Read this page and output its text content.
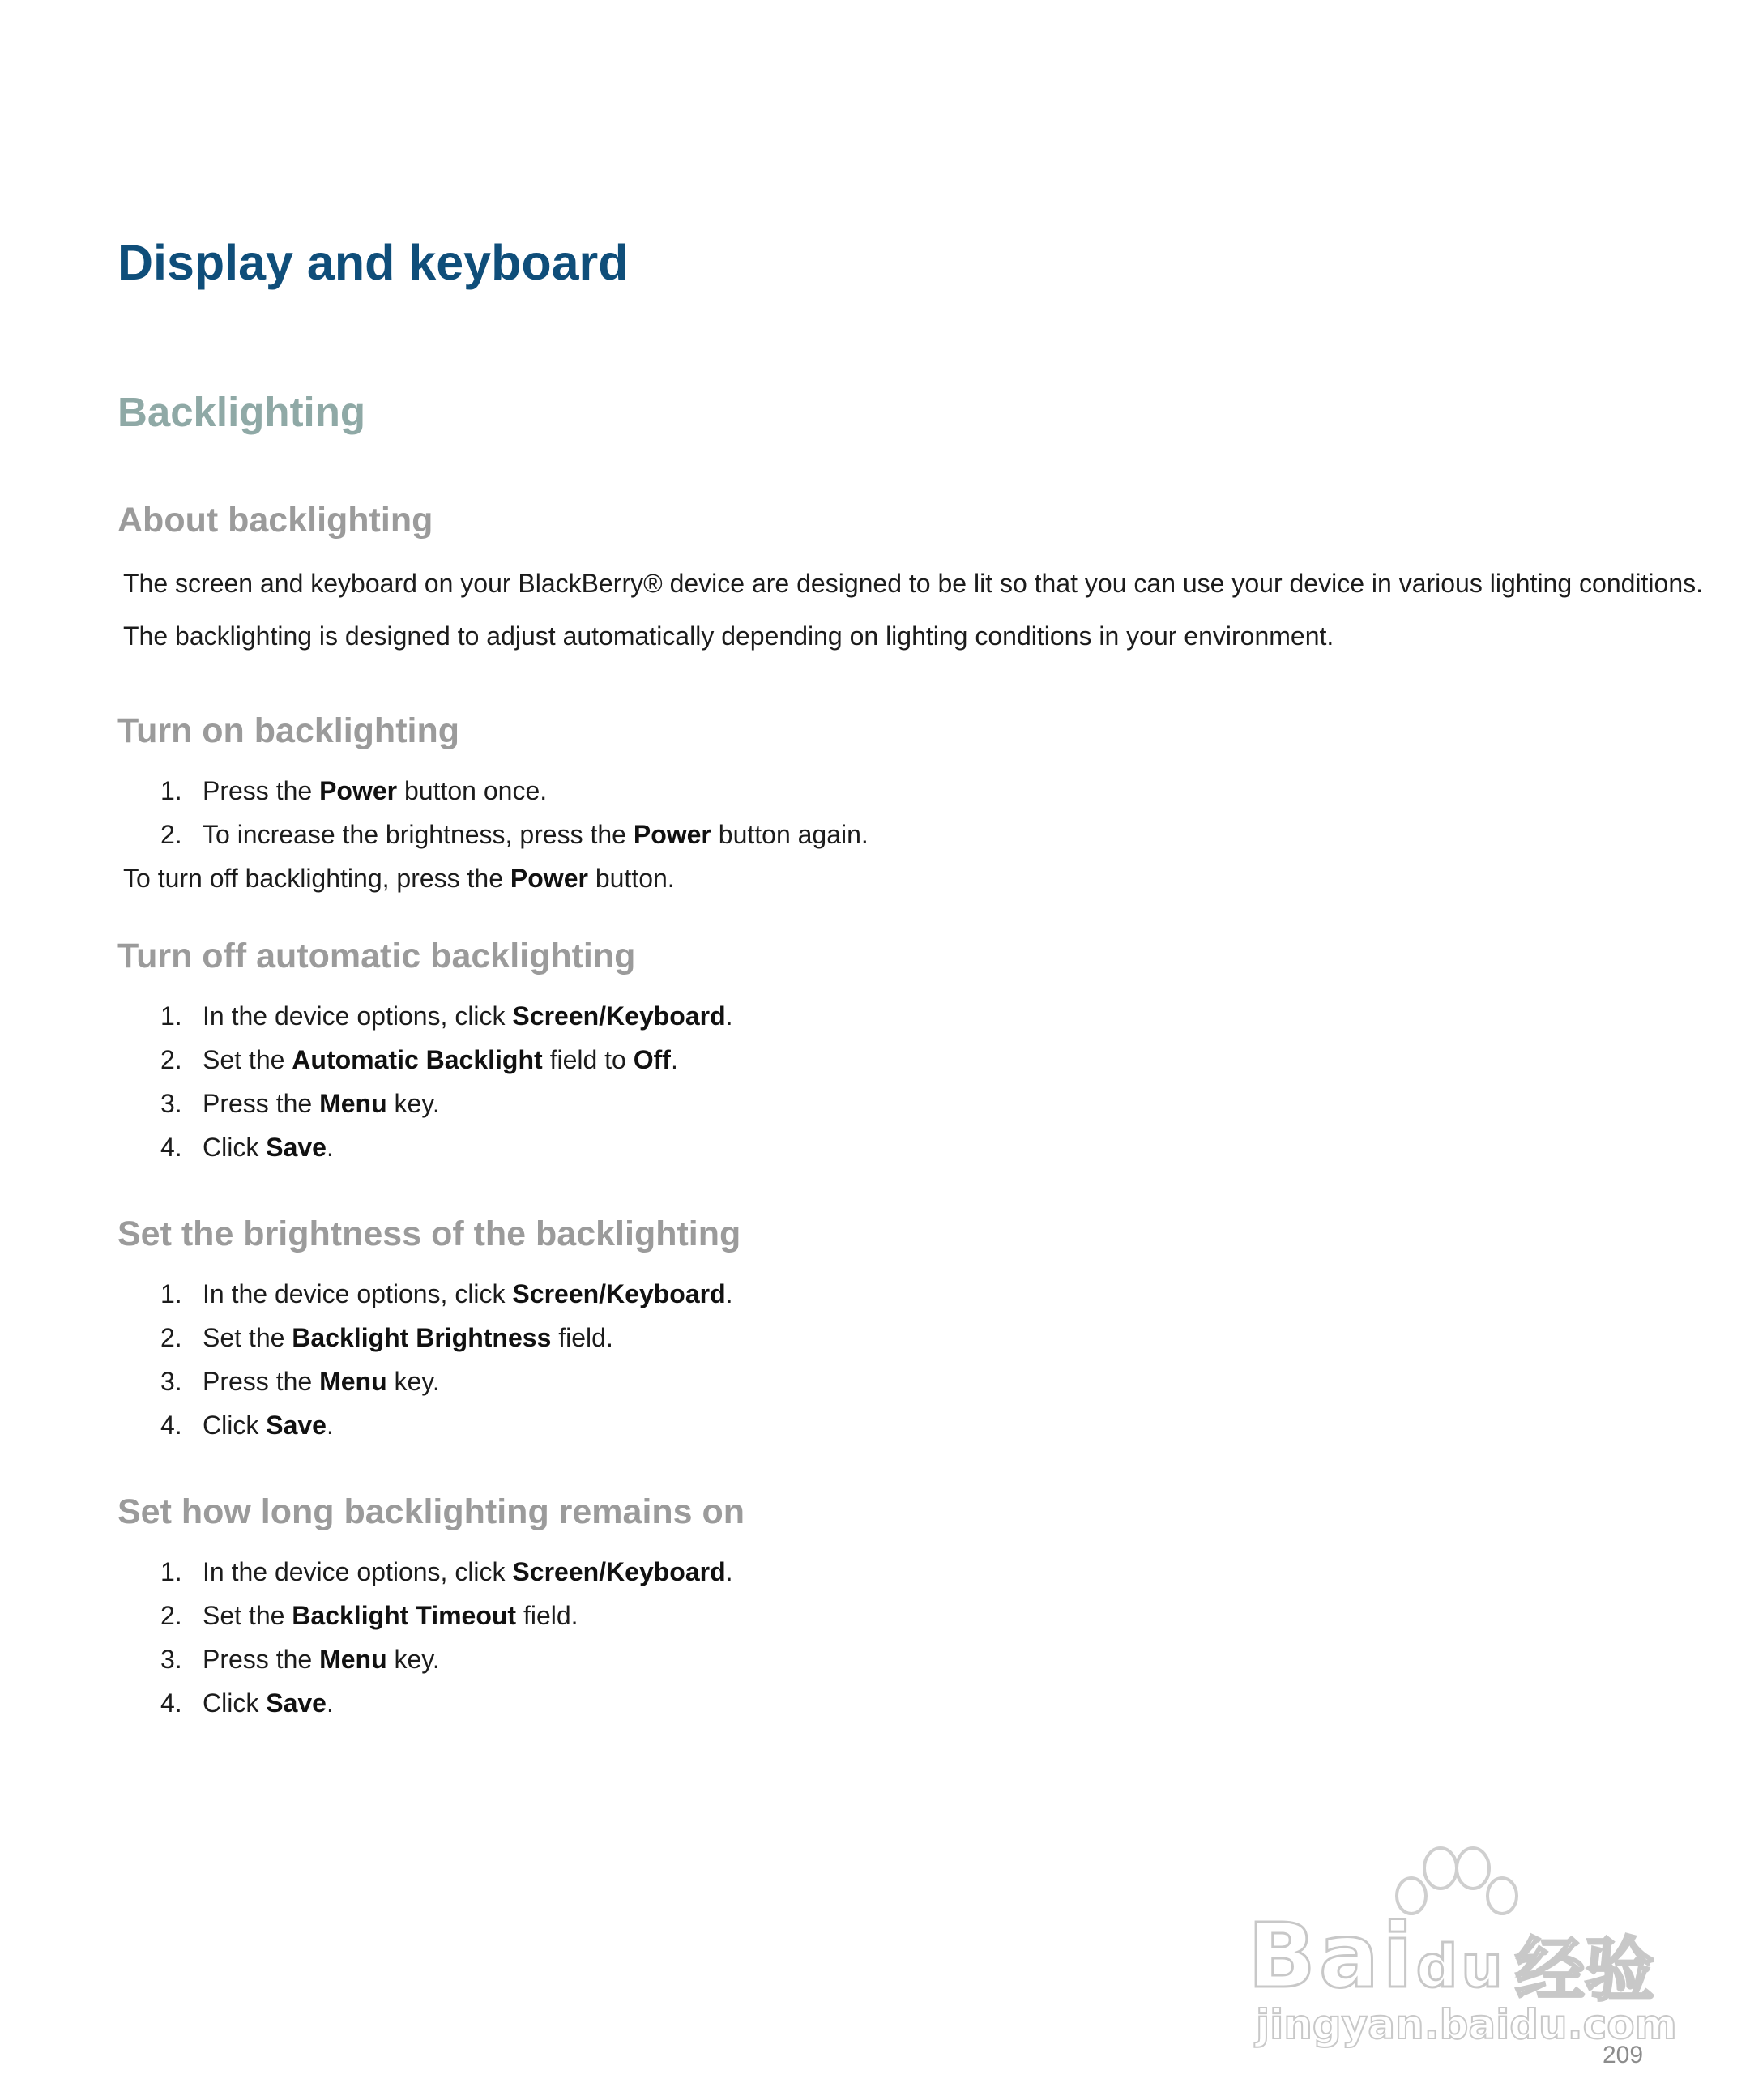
Display and keyboard
Backlighting
About backlighting

The screen and keyboard on your BlackBerry® device are designed to be lit so that you can use your device in various lighting conditions.

The backlighting is designed to adjust automatically depending on lighting conditions in your environment.

Turn on backlighting

1. Press the Power button once.

2. To increase the brightness, press the Power button again.

To turn off backlighting, press the Power button.

Turn off automatic backlighting

1. In the device options, click Screen/Keyboard.

2. Set the Automatic Backlight field to Off.

3. Press the Menu key.

4. Click Save.

Set the brightness of the backlighting

1. In the device options, click Screen/Keyboard.

2. Set the Backlight Brightness field.

3. Press the Menu key.

4. Click Save.

Set how long backlighting remains on

1. In the device options, click Screen/Keyboard.

2. Set the Backlight Timeout field.

3. Press the Menu key.

4. Click Save.

Baidu 经验
jingyan.baidu.com
209
